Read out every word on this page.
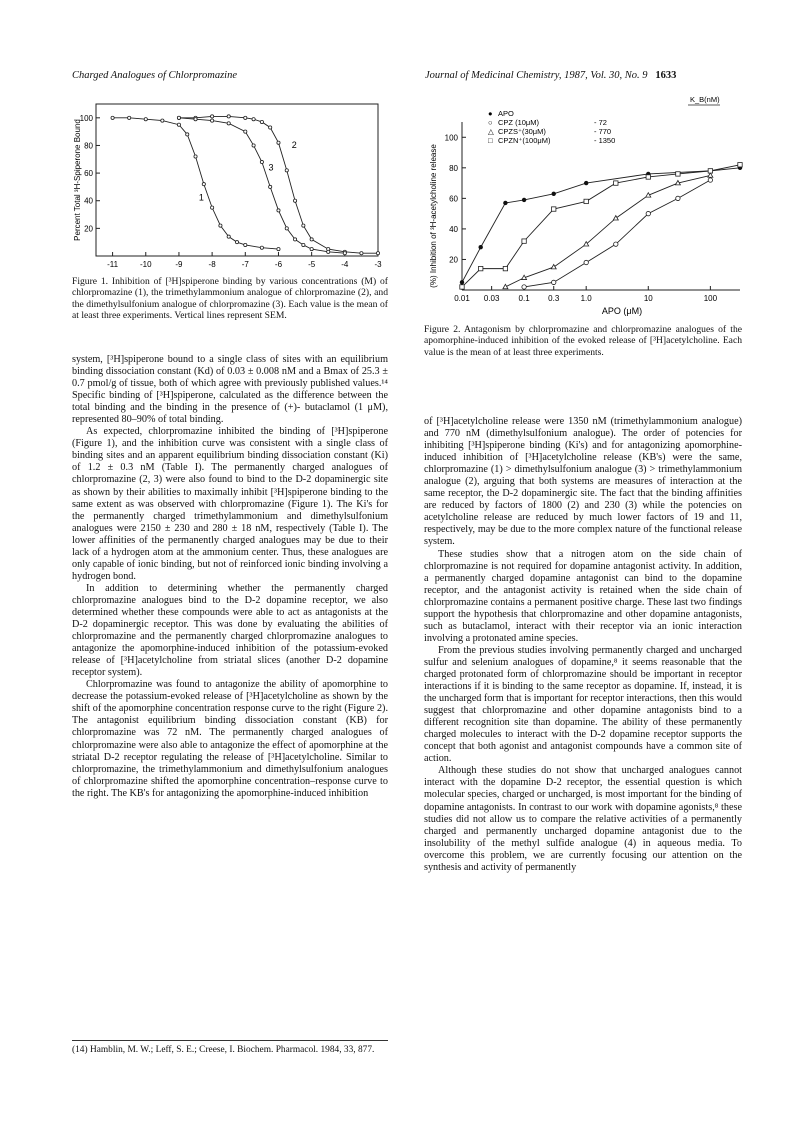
Charged Analogues of Chlorpromazine	Journal of Medicinal Chemistry, 1987, Vol. 30, No. 9 1633
-11	-10	-9	-8	-7	-6	-5	-4	-3
100
80
60
40
20
Percent Total ³H-Spiperone Bound	1
2
3
Figure 1. Inhibition of [³H]spiperone binding by various concentrations (M) of chlorpromazine (1), the trimethylammonium analogue of chlorpromazine (2), and the dimethylsulfonium analogue of chlorpromazine (3). Each value is the mean of at least three experiments. Vertical lines represent SEM.
0.01 0.03 0.1 0.3	1.0	10	100
100
80
60
40
20
APO (μM)
(%) Inhibition of ³H-acetylcholine release
K_B(nM)
● APO
○ CPZ (10μM)	- 72
△ CPZS⁺(30μM)	- 770
□ CPZN⁺(100μM)	- 1350
Figure 2. Antagonism by chlorpromazine and chlorpromazine analogues of the apomorphine-induced inhibition of the evoked release of [³H]acetylcholine. Each value is the mean of at least three experiments.

system, [³H]spiperone bound to a single class of sites with an equilibrium binding dissociation constant (Kd) of 0.03 ± 0.008 nM and a Bmax of 25.3 ± 0.7 pmol/g of tissue, both of which agree with previously published values.¹⁴ Specific binding of [³H]spiperone, calculated as the difference between the total binding and the binding in the presence of (+)- butaclamol (1 μM), represented 80–90% of total binding.

As expected, chlorpromazine inhibited the binding of [³H]spiperone (Figure 1), and the inhibition curve was consistent with a single class of binding sites and an apparent equilibrium binding dissociation constant (Ki) of 1.2 ± 0.3 nM (Table I). The permanently charged analogues of chlorpromazine (2, 3) were also found to bind to the D-2 dopaminergic site as shown by their abilities to maximally inhibit [³H]spiperone binding to the same extent as was observed with chlorpromazine (Figure 1). The Ki's for the permanently charged trimethylammonium and dimethylsulfonium analogues were 2150 ± 230 and 280 ± 18 nM, respectively (Table I). The lower affinities of the permanently charged analogues may be due to their lack of a hydrogen atom at the ammonium center. Thus, these analogues are only capable of ionic binding, but not of reinforced ionic binding involving a hydrogen bond.

In addition to determining whether the permanently charged chlorpromazine analogues bind to the D-2 dopamine receptor, we also determined whether these compounds were able to act as antagonists at the D-2 dopaminergic receptor. This was done by evaluating the abilities of chlorpromazine and the permanently charged chlorpromazine analogues to antagonize the apomorphine-induced inhibition of the potassium-evoked release of [³H]acetylcholine from striatal slices (another D-2 dopamine receptor system).

Chlorpromazine was found to antagonize the ability of apomorphine to decrease the potassium-evoked release of [³H]acetylcholine as shown by the shift of the apomorphine concentration response curve to the right (Figure 2). The antagonist equilibrium binding dissociation constant (KB) for chlorpromazine was 72 nM. The permanently charged analogues of chlorpromazine were also able to antagonize the effect of apomorphine at the striatal D-2 receptor regulating the release of [³H]acetylcholine. Similar to chlorpromazine, the trimethylammonium and dimethylsulfonium analogues of chlorpromazine shifted the apomorphine concentration–response curve to the right. The KB's for antagonizing the apomorphine-induced inhibition

(14) Hamblin, M. W.; Leff, S. E.; Creese, I. Biochem. Pharmacol. 1984, 33, 877.

of [³H]acetylcholine release were 1350 nM (trimethylammonium analogue) and 770 nM (dimethylsulfonium analogue). The order of potencies for inhibiting [³H]spiperone binding (Ki's) and for antagonizing apomorphine-induced inhibition of [³H]acetylcholine release (KB's) were the same, chlorpromazine (1) > dimethylsulfonium analogue (3) > trimethylammonium analogue (2), arguing that both systems are measures of interaction at the same receptor, the D-2 dopaminergic site. The fact that the binding affinities are reduced by factors of 1800 (2) and 230 (3) while the potencies on acetylcholine release are reduced by much lower factors of 19 and 11, respectively, may be due to the more complex nature of the functional release system.

These studies show that a nitrogen atom on the side chain of chlorpromazine is not required for dopamine antagonist activity. In addition, a permanently charged dopamine antagonist can bind to the dopamine receptor, and the antagonist activity is retained when the side chain of chlorpromazine contains a permanent positive charge. These last two findings support the hypothesis that chlorpromazine and other dopamine antagonists, such as butaclamol, interact with their receptor via an ionic interaction involving a protonated amine species.

From the previous studies involving permanently charged and uncharged sulfur and selenium analogues of dopamine,⁸ it seems reasonable that the charged protonated form of chlorpromazine should be important in receptor interactions if it is binding to the same receptor as dopamine. If, instead, it is the uncharged form that is important for receptor interactions, then this would suggest that chlorpromazine and other dopamine antagonists bind to a different recognition site than dopamine. The ability of these permanently charged molecules to interact with the D-2 dopamine receptor supports the concept that both agonist and antagonist compounds have a common site of action.

Although these studies do not show that uncharged analogues cannot interact with the dopamine D-2 receptor, the essential question is which molecular species, charged or uncharged, is most important for the binding of dopamine antagonists. In contrast to our work with dopamine agonists,⁸ these studies did not allow us to compare the relative activities of a permanently charged and permanently uncharged dopamine antagonist due to the insolubility of the methyl sulfide analogue (4) in aqueous media. To overcome this problem, we are currently focusing our attention on the synthesis and activity of permanently
